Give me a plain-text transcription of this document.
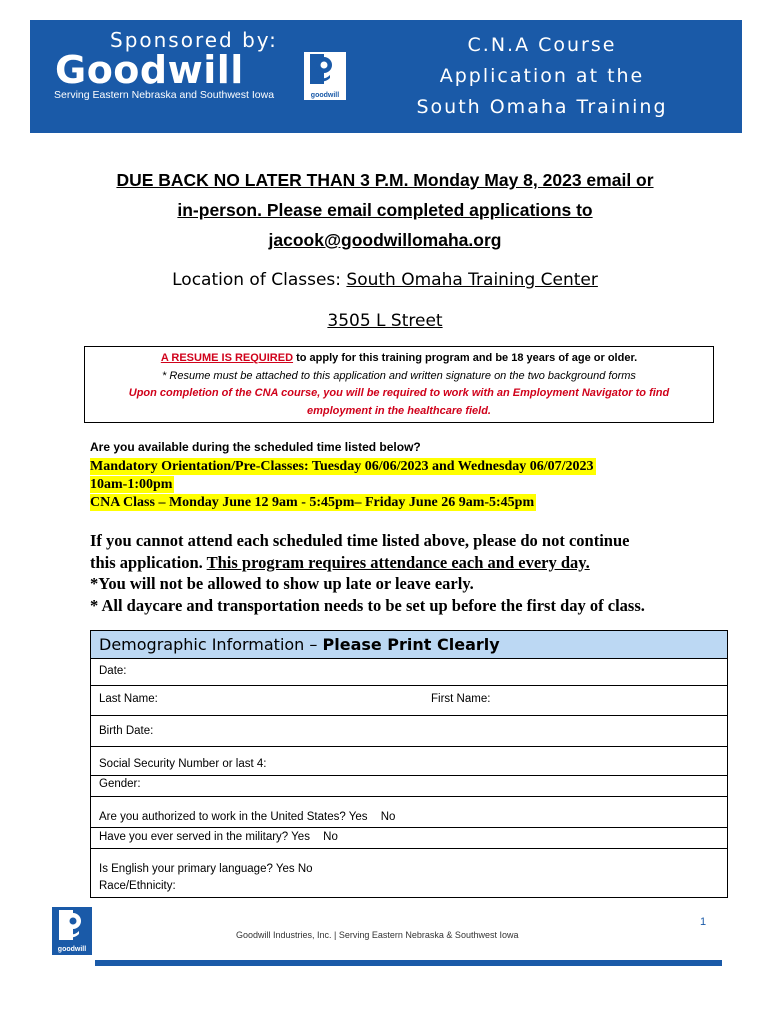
Sponsored by:
Goodwill
goodwill
Serving Eastern Nebraska and Southwest Iowa
C.N.A Course
Application at the
South Omaha Training
DUE BACK NO LATER THAN 3 P.M. Monday May 8, 2023 email or
in-person. Please email completed applications to
jacook@goodwillomaha.org
Location of Classes: South Omaha Training Center
3505 L Street
A RESUME IS REQUIRED to apply for this training program and be 18 years of age or older.
* Resume must be attached to this application and written signature on the two background forms
Upon completion of the CNA course, you will be required to work with an Employment Navigator to find
employment in the healthcare field.
Are you available during the scheduled time listed below?
Mandatory Orientation/Pre-Classes: Tuesday 06/06/2023 and Wednesday 06/07/2023
10am-1:00pm
CNA Class – Monday June 12 9am - 5:45pm– Friday June 26 9am-5:45pm
If you cannot attend each scheduled time listed above, please do not continue
this application. This program requires attendance each and every day.
*You will not be allowed to show up late or leave early.
* All daycare and transportation needs to be set up before the first day of class.
Demographic Information – Please Print Clearly
Date:
Last Name:	First Name:
Birth Date:
Social Security Number or last 4:
Gender:
Are you authorized to work in the United States? Yes No
Have you ever served in the military? Yes No
Is English your primary language? Yes No
Race/Ethnicity:
1
goodwill
Goodwill Industries, Inc. | Serving Eastern Nebraska & Southwest Iowa
